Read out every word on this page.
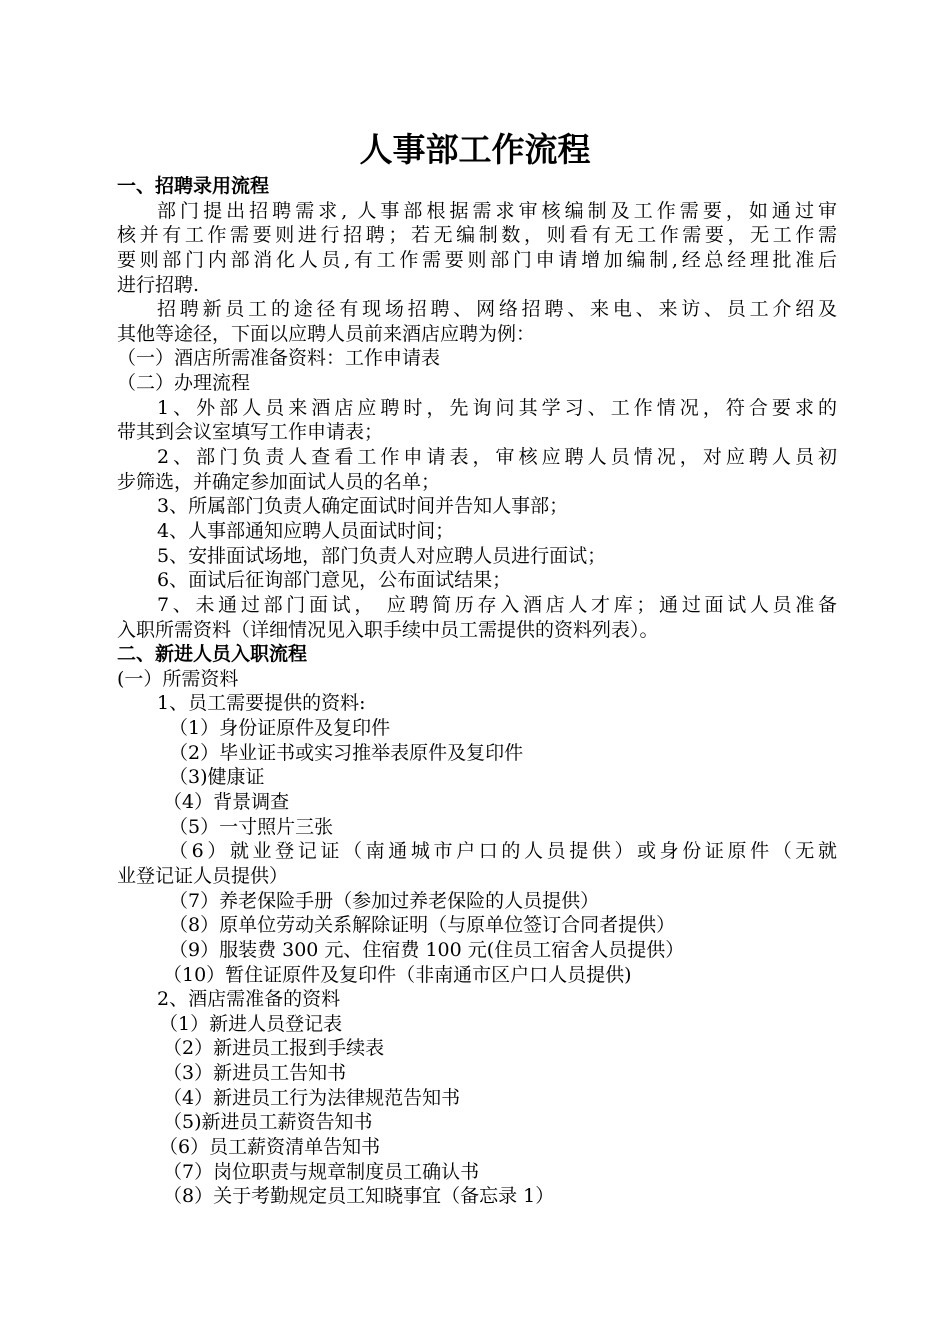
人事部工作流程
一、招聘录用流程
部门提出招聘需求, 人事部根据需求审核编制及工作需要，如通过审
核并有工作需要则进行招聘；若无编制数，则看有无工作需要，无工作需
要则部门内部消化人员,有工作需要则部门申请增加编制,经总经理批准后
进行招聘.
招聘新员工的途径有现场招聘、网络招聘、来电、来访、员工介绍及
其他等途径，下面以应聘人员前来酒店应聘为例：
（一）酒店所需准备资料：工作申请表
（二）办理流程
1、外部人员来酒店应聘时，先询问其学习、工作情况，符合要求的
带其到会议室填写工作申请表；
2、部门负责人查看工作申请表，审核应聘人员情况，对应聘人员初
步筛选，并确定参加面试人员的名单；
3、所属部门负责人确定面试时间并告知人事部；
4、人事部通知应聘人员面试时间；
5、安排面试场地，部门负责人对应聘人员进行面试；
6、面试后征询部门意见，公布面试结果；
7、未通过部门面试， 应聘简历存入酒店人才库；通过面试人员准备
入职所需资料（详细情况见入职手续中员工需提供的资料列表）。
二、新进人员入职流程
(一）所需资料
1、员工需要提供的资料:
（1）身份证原件及复印件
（2）毕业证书或实习推举表原件及复印件
（3)健康证
（4）背景调查
（5）一寸照片三张
（6）就业登记证（南通城市户口的人员提供）或身份证原件（无就
业登记证人员提供）
（7）养老保险手册（参加过养老保险的人员提供）
（8）原单位劳动关系解除证明（与原单位签订合同者提供）
（9）服装费 300 元、住宿费 100 元(住员工宿舍人员提供）
（10）暂住证原件及复印件（非南通市区户口人员提供)
2、酒店需准备的资料
（1）新进人员登记表
（2）新进员工报到手续表
（3）新进员工告知书
（4）新进员工行为法律规范告知书
（5)新进员工薪资告知书
（6）员工薪资清单告知书
（7）岗位职责与规章制度员工确认书
（8）关于考勤规定员工知晓事宜（备忘录 1）
